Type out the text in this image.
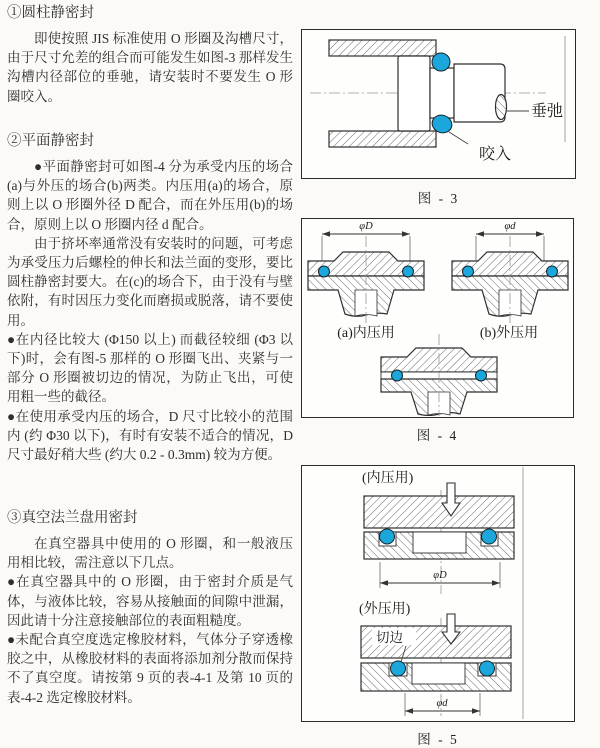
①圆柱静密封

即使按照 JIS 标准使用 O 形圈及沟槽尺寸，由于尺寸允差的组合而可能发生如图-3 那样发生沟槽内径部位的垂驰，请安装时不要发生 O 形圈咬入。

②平面静密封

●平面静密封可如图-4 分为承受内压的场合(a)与外压的场合(b)两类。内压用(a)的场合，原则上以 O 形圈外径 D 配合，而在外压用(b)的场合，原则上以 O 形圈内径 d 配合。

由于挤坏率通常没有安装时的问题，可考虑为承受压力后螺栓的伸长和法兰面的变形，要比圆柱静密封要大。在(c)的场合下，由于没有与壁依附，有时因压力变化而磨损或脱落，请不要使用。

●在内径比较大 (Φ150 以上) 而截径较细 (Φ3 以下)时，会有图-5 那样的 O 形圈飞出、夹紧与一部分 O 形圈被切边的情况，为防止飞出，可使用粗一些的截径。

●在使用承受内压的场合，D 尺寸比较小的范围内 (约 Φ30 以下)，有时有安装不适合的情况，D 尺寸最好稍大些 (约大 0.2 - 0.3mm) 较为方便。

③真空法兰盘用密封

在真空器具中使用的 O 形圈，和一般液压用相比较，需注意以下几点。

●在真空器具中的 O 形圈，由于密封介质是气体，与液体比较，容易从接触面的间隙中泄漏，因此请十分注意接触部位的表面粗糙度。

●未配合真空度选定橡胶材料，气体分子穿透橡胶之中，从橡胶材料的表面将添加剂分散而保持不了真空度。请按第 9 页的表-4-1 及第 10 页的表-4-2 选定橡胶材料。

垂弛
咬入
图 - 3
φD	φd
(a)内压用	(b)外压用
图 - 4
(内压用)
φD
(外压用)
切边
φd
图 - 5
